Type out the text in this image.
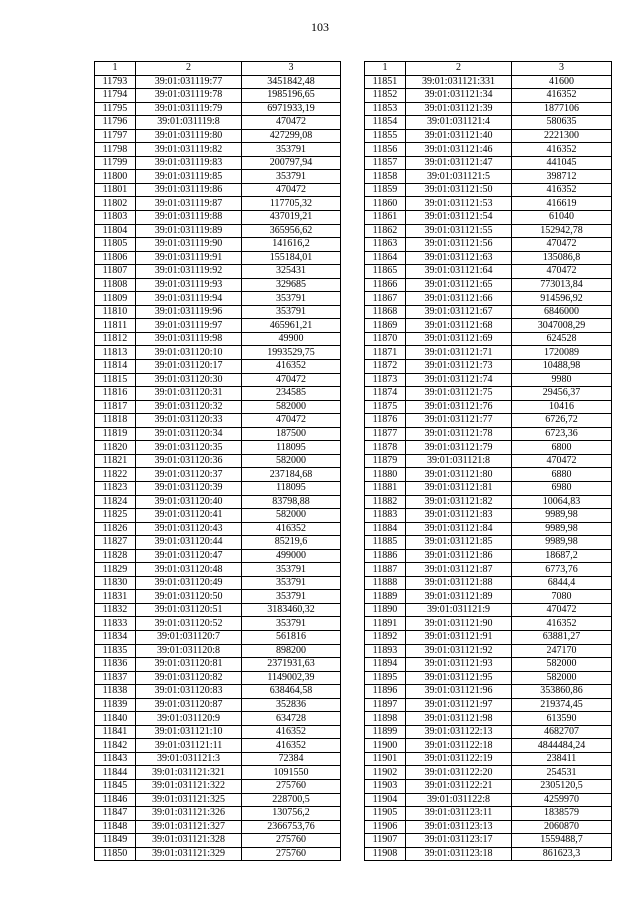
103
1	2	3
11793	39:01:031119:77	3451842,48
11794	39:01:031119:78	1985196,65
11795	39:01:031119:79	6971933,19
11796	39:01:031119:8	470472
11797	39:01:031119:80	427299,08
11798	39:01:031119:82	353791
11799	39:01:031119:83	200797,94
11800	39:01:031119:85	353791
11801	39:01:031119:86	470472
11802	39:01:031119:87	117705,32
11803	39:01:031119:88	437019,21
11804	39:01:031119:89	365956,62
11805	39:01:031119:90	141616,2
11806	39:01:031119:91	155184,01
11807	39:01:031119:92	325431
11808	39:01:031119:93	329685
11809	39:01:031119:94	353791
11810	39:01:031119:96	353791
11811	39:01:031119:97	465961,21
11812	39:01:031119:98	49900
11813	39:01:031120:10	1993529,75
11814	39:01:031120:17	416352
11815	39:01:031120:30	470472
11816	39:01:031120:31	234585
11817	39:01:031120:32	582000
11818	39:01:031120:33	470472
11819	39:01:031120:34	187500
11820	39:01:031120:35	118095
11821	39:01:031120:36	582000
11822	39:01:031120:37	237184,68
11823	39:01:031120:39	118095
11824	39:01:031120:40	83798,88
11825	39:01:031120:41	582000
11826	39:01:031120:43	416352
11827	39:01:031120:44	85219,6
11828	39:01:031120:47	499000
11829	39:01:031120:48	353791
11830	39:01:031120:49	353791
11831	39:01:031120:50	353791
11832	39:01:031120:51	3183460,32
11833	39:01:031120:52	353791
11834	39:01:031120:7	561816
11835	39:01:031120:8	898200
11836	39:01:031120:81	2371931,63
11837	39:01:031120:82	1149002,39
11838	39:01:031120:83	638464,58
11839	39:01:031120:87	352836
11840	39:01:031120:9	634728
11841	39:01:031121:10	416352
11842	39:01:031121:11	416352
11843	39:01:031121:3	72384
11844	39:01:031121:321	1091550
11845	39:01:031121:322	275760
11846	39:01:031121:325	228700,5
11847	39:01:031121:326	130756,2
11848	39:01:031121:327	2366753,76
11849	39:01:031121:328	275760
11850	39:01:031121:329	275760
1	2	3
11851	39:01:031121:331	41600
11852	39:01:031121:34	416352
11853	39:01:031121:39	1877106
11854	39:01:031121:4	580635
11855	39:01:031121:40	2221300
11856	39:01:031121:46	416352
11857	39:01:031121:47	441045
11858	39:01:031121:5	398712
11859	39:01:031121:50	416352
11860	39:01:031121:53	416619
11861	39:01:031121:54	61040
11862	39:01:031121:55	152942,78
11863	39:01:031121:56	470472
11864	39:01:031121:63	135086,8
11865	39:01:031121:64	470472
11866	39:01:031121:65	773013,84
11867	39:01:031121:66	914596,92
11868	39:01:031121:67	6846000
11869	39:01:031121:68	3047008,29
11870	39:01:031121:69	624528
11871	39:01:031121:71	1720089
11872	39:01:031121:73	10488,98
11873	39:01:031121:74	9980
11874	39:01:031121:75	29456,37
11875	39:01:031121:76	10416
11876	39:01:031121:77	6726,72
11877	39:01:031121:78	6723,36
11878	39:01:031121:79	6800
11879	39:01:031121:8	470472
11880	39:01:031121:80	6880
11881	39:01:031121:81	6980
11882	39:01:031121:82	10064,83
11883	39:01:031121:83	9989,98
11884	39:01:031121:84	9989,98
11885	39:01:031121:85	9989,98
11886	39:01:031121:86	18687,2
11887	39:01:031121:87	6773,76
11888	39:01:031121:88	6844,4
11889	39:01:031121:89	7080
11890	39:01:031121:9	470472
11891	39:01:031121:90	416352
11892	39:01:031121:91	63881,27
11893	39:01:031121:92	247170
11894	39:01:031121:93	582000
11895	39:01:031121:95	582000
11896	39:01:031121:96	353860,86
11897	39:01:031121:97	219374,45
11898	39:01:031121:98	613590
11899	39:01:031122:13	4682707
11900	39:01:031122:18	4844484,24
11901	39:01:031122:19	238411
11902	39:01:031122:20	254531
11903	39:01:031122:21	2305120,5
11904	39:01:031122:8	4259970
11905	39:01:031123:11	1838579
11906	39:01:031123:13	2060870
11907	39:01:031123:17	1559488,7
11908	39:01:031123:18	861623,3
